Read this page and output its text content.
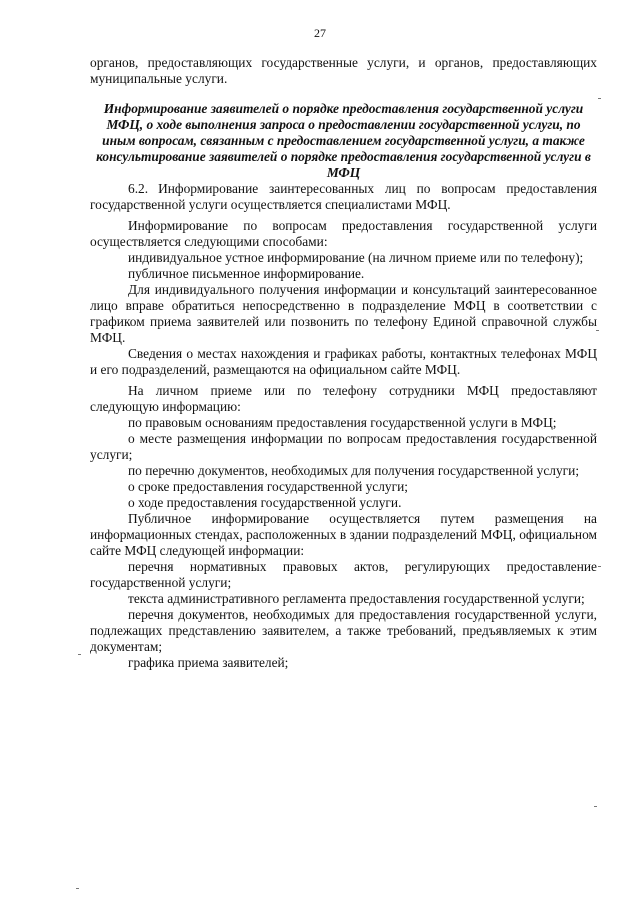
27

органов, предоставляющих государственные услуги, и органов, предоставляющих муниципальные услуги.

Информирование заявителей о порядке предоставления государственной услуги МФЦ, о ходе выполнения запроса о предоставлении государственной услуги, по иным вопросам, связанным с предоставлением государственной услуги, а также консультирование заявителей о порядке предоставления государственной услуги в МФЦ

6.2. Информирование заинтересованных лиц по вопросам предоставления государственной услуги осуществляется специалистами МФЦ.

Информирование по вопросам предоставления государственной услуги осуществляется следующими способами:

индивидуальное устное информирование (на личном приеме или по телефону);

публичное письменное информирование.

Для индивидуального получения информации и консультаций заинтересованное лицо вправе обратиться непосредственно в подразделение МФЦ в соответствии с графиком приема заявителей или позвонить по телефону Единой справочной службы МФЦ.

Сведения о местах нахождения и графиках работы, контактных телефонах МФЦ и его подразделений, размещаются на официальном сайте МФЦ.

На личном приеме или по телефону сотрудники МФЦ предоставляют следующую информацию:

по правовым основаниям предоставления государственной услуги в МФЦ;

о месте размещения информации по вопросам предоставления государственной услуги;

по перечню документов, необходимых для получения государственной услуги;

о сроке предоставления государственной услуги;

о ходе предоставления государственной услуги.

Публичное информирование осуществляется путем размещения на информационных стендах, расположенных в здании подразделений МФЦ, официальном сайте МФЦ следующей информации:

перечня нормативных правовых актов, регулирующих предоставление государственной услуги;

текста административного регламента предоставления государственной услуги;

перечня документов, необходимых для предоставления государственной услуги, подлежащих представлению заявителем, а также требований, предъявляемых к этим документам;

графика приема заявителей;
